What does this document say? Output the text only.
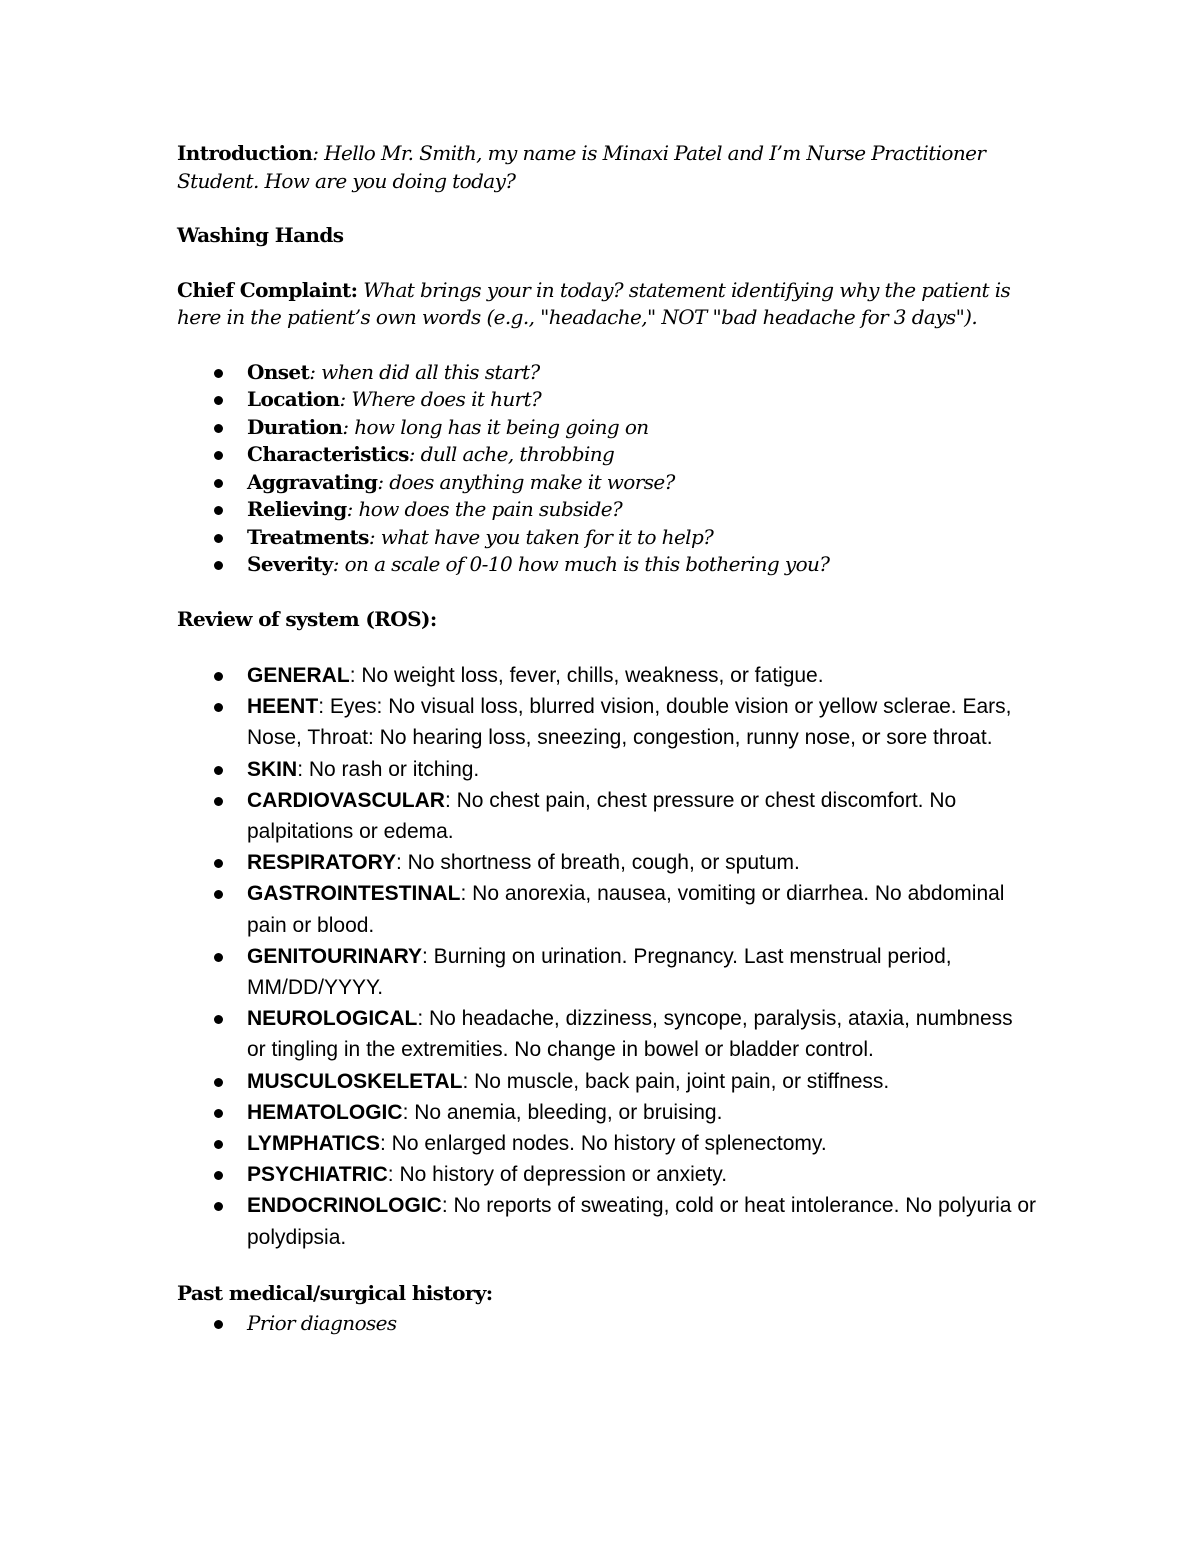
Introduction: Hello Mr. Smith, my name is Minaxi Patel and I’m Nurse Practitioner Student. How are you doing today?

Washing Hands

Chief Complaint: What brings your in today? statement identifying why the patient is here in the patient’s own words (e.g., "headache," NOT "bad headache for 3 days").

Onset: when did all this start?
Location: Where does it hurt?
Duration: how long has it being going on
Characteristics: dull ache, throbbing
Aggravating: does anything make it worse?
Relieving: how does the pain subside?
Treatments: what have you taken for it to help?
Severity: on a scale of 0-10 how much is this bothering you?

Review of system (ROS):

GENERAL: No weight loss, fever, chills, weakness, or fatigue.
HEENT: Eyes: No visual loss, blurred vision, double vision or yellow sclerae. Ears, Nose, Throat: No hearing loss, sneezing, congestion, runny nose, or sore throat.
SKIN: No rash or itching.
CARDIOVASCULAR: No chest pain, chest pressure or chest discomfort. No palpitations or edema.
RESPIRATORY: No shortness of breath, cough, or sputum.
GASTROINTESTINAL: No anorexia, nausea, vomiting or diarrhea. No abdominal pain or blood.
GENITOURINARY: Burning on urination. Pregnancy. Last menstrual period, MM/DD/YYYY.
NEUROLOGICAL: No headache, dizziness, syncope, paralysis, ataxia, numbness or tingling in the extremities. No change in bowel or bladder control.
MUSCULOSKELETAL: No muscle, back pain, joint pain, or stiffness.
HEMATOLOGIC: No anemia, bleeding, or bruising.
LYMPHATICS: No enlarged nodes. No history of splenectomy.
PSYCHIATRIC: No history of depression or anxiety.
ENDOCRINOLOGIC: No reports of sweating, cold or heat intolerance. No polyuria or polydipsia.

Past medical/surgical history:

Prior diagnoses
